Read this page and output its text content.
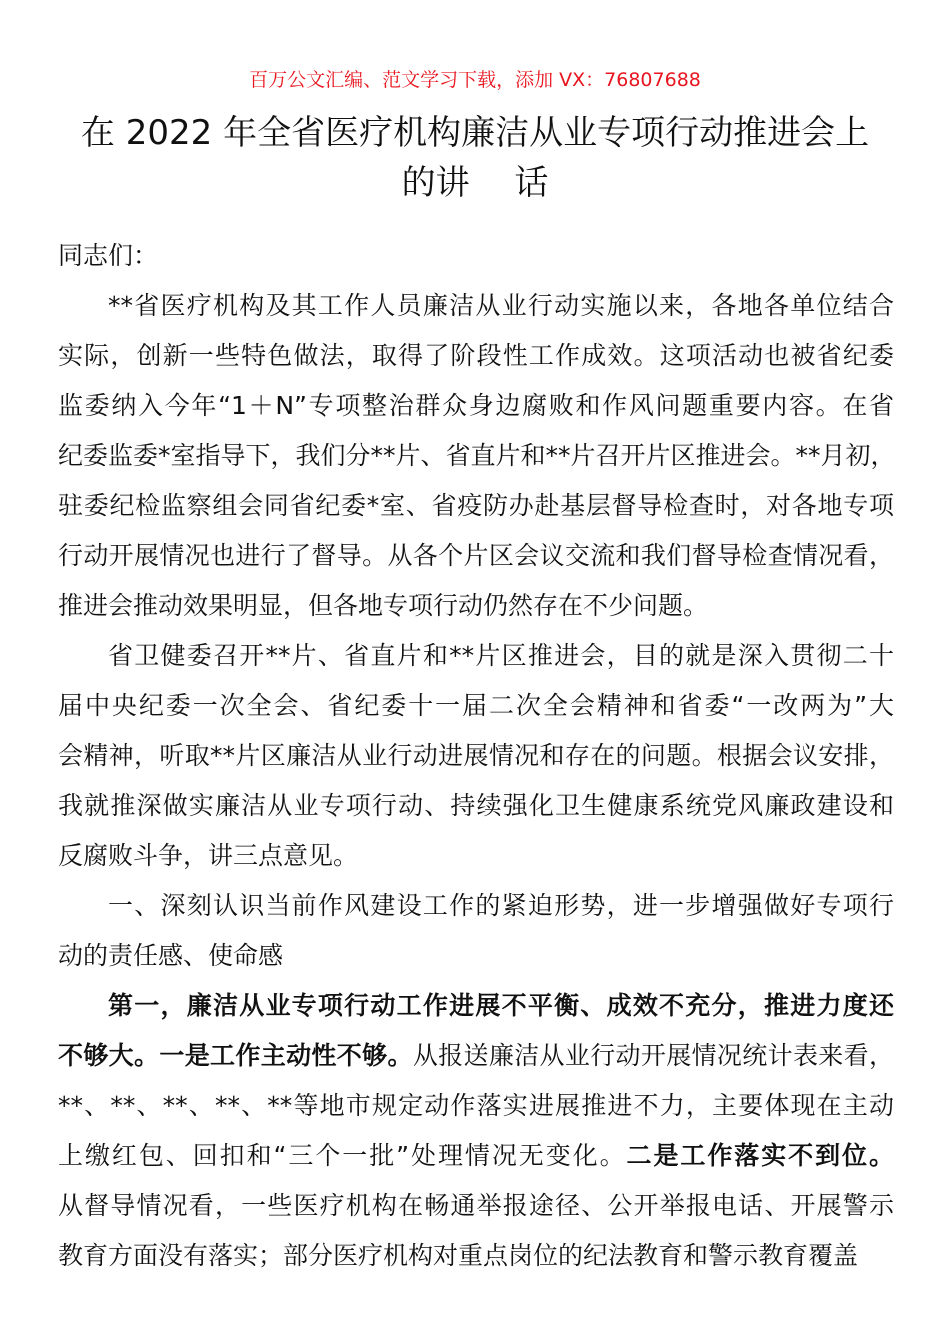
百万公文汇编、范文学习下载，添加 VX：76807688
在 2022 年全省医疗机构廉洁从业专项行动推进会上
的讲　 话
同志们：
**省医疗机构及其工作人员廉洁从业行动实施以来，各地各单位结合
实际，创新一些特色做法，取得了阶段性工作成效。这项活动也被省纪委
监委纳入今年“1＋N”专项整治群众身边腐败和作风问题重要内容。在省
纪委监委*室指导下，我们分**片、省直片和**片召开片区推进会。**月初，
驻委纪检监察组会同省纪委*室、省疫防办赴基层督导检查时，对各地专项
行动开展情况也进行了督导。从各个片区会议交流和我们督导检查情况看，
推进会推动效果明显，但各地专项行动仍然存在不少问题。
省卫健委召开**片、省直片和**片区推进会，目的就是深入贯彻二十
届中央纪委一次全会、省纪委十一届二次全会精神和省委“一改两为”大
会精神，听取**片区廉洁从业行动进展情况和存在的问题。根据会议安排，
我就推深做实廉洁从业专项行动、持续强化卫生健康系统党风廉政建设和
反腐败斗争，讲三点意见。
一、深刻认识当前作风建设工作的紧迫形势，进一步增强做好专项行
动的责任感、使命感
第一，廉洁从业专项行动工作进展不平衡、成效不充分，推进力度还
不够大。一是工作主动性不够。从报送廉洁从业行动开展情况统计表来看，
**、**、**、**、**等地市规定动作落实进展推进不力，主要体现在主动
上缴红包、回扣和“三个一批”处理情况无变化。二是工作落实不到位。
从督导情况看，一些医疗机构在畅通举报途径、公开举报电话、开展警示
教育方面没有落实；部分医疗机构对重点岗位的纪法教育和警示教育覆盖
